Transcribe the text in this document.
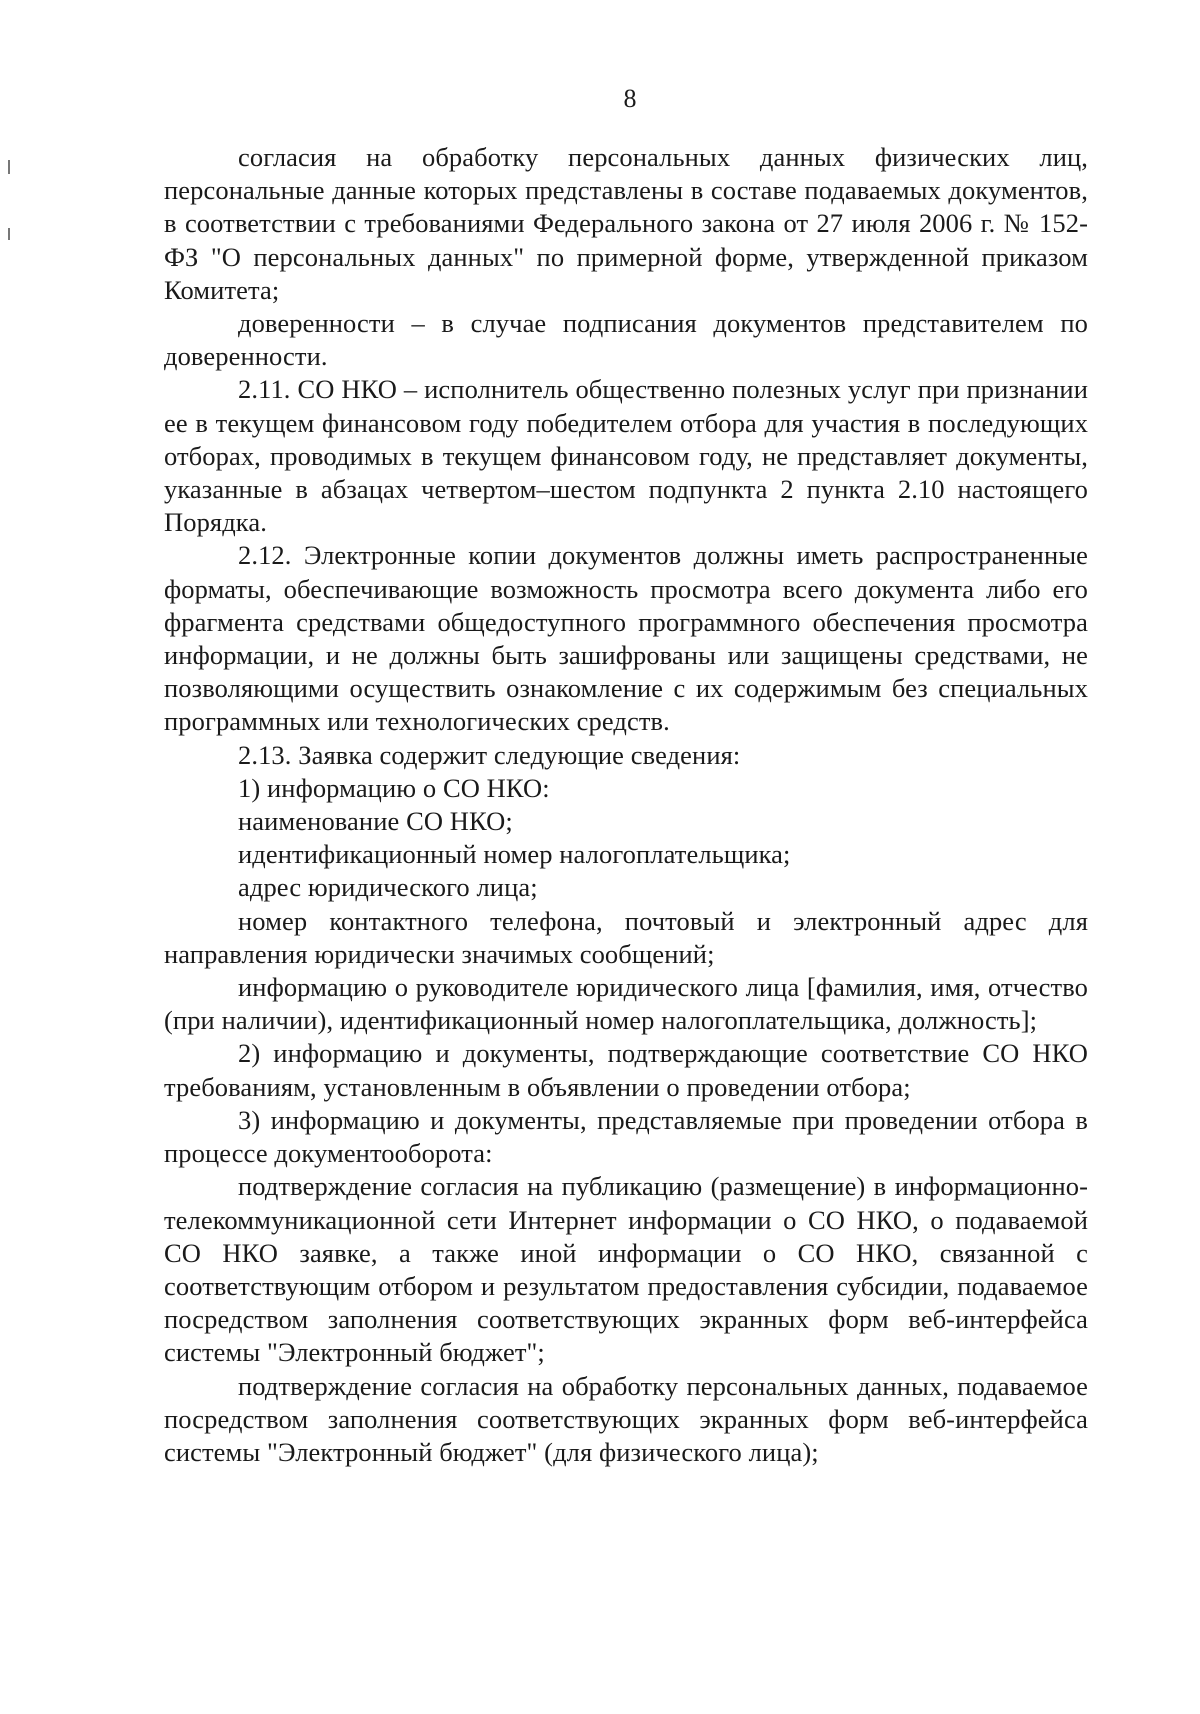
8

согласия на обработку персональных данных физических лиц, персональные данные которых представлены в составе подаваемых документов, в соответствии с требованиями Федерального закона от 27 июля 2006 г. № 152-ФЗ "О персональных данных" по примерной форме, утвержденной приказом Комитета;

доверенности – в случае подписания документов представителем по доверенности.

2.11. СО НКО – исполнитель общественно полезных услуг при признании ее в текущем финансовом году победителем отбора для участия в последующих отборах, проводимых в текущем финансовом году, не представляет документы, указанные в абзацах четвертом–шестом подпункта 2 пункта 2.10 настоящего Порядка.

2.12. Электронные копии документов должны иметь распространенные форматы, обеспечивающие возможность просмотра всего документа либо его фрагмента средствами общедоступного программного обеспечения просмотра информации, и не должны быть зашифрованы или защищены средствами, не позволяющими осуществить ознакомление с их содержимым без специальных программных или технологических средств.

2.13. Заявка содержит следующие сведения:

1) информацию о СО НКО:

наименование СО НКО;

идентификационный номер налогоплательщика;

адрес юридического лица;

номер контактного телефона, почтовый и электронный адрес для направления юридически значимых сообщений;

информацию о руководителе юридического лица [фамилия, имя, отчество (при наличии), идентификационный номер налогоплательщика, должность];

2) информацию и документы, подтверждающие соответствие СО НКО требованиям, установленным в объявлении о проведении отбора;

3) информацию и документы, представляемые при проведении отбора в процессе документооборота:

подтверждение согласия на публикацию (размещение) в информационно-телекоммуникационной сети Интернет информации о СО НКО, о подаваемой СО НКО заявке, а также иной информации о СО НКО, связанной с соответствующим отбором и результатом предоставления субсидии, подаваемое посредством заполнения соответствующих экранных форм веб-интерфейса системы "Электронный бюджет";

подтверждение согласия на обработку персональных данных, подаваемое посредством заполнения соответствующих экранных форм веб-интерфейса системы "Электронный бюджет" (для физического лица);
